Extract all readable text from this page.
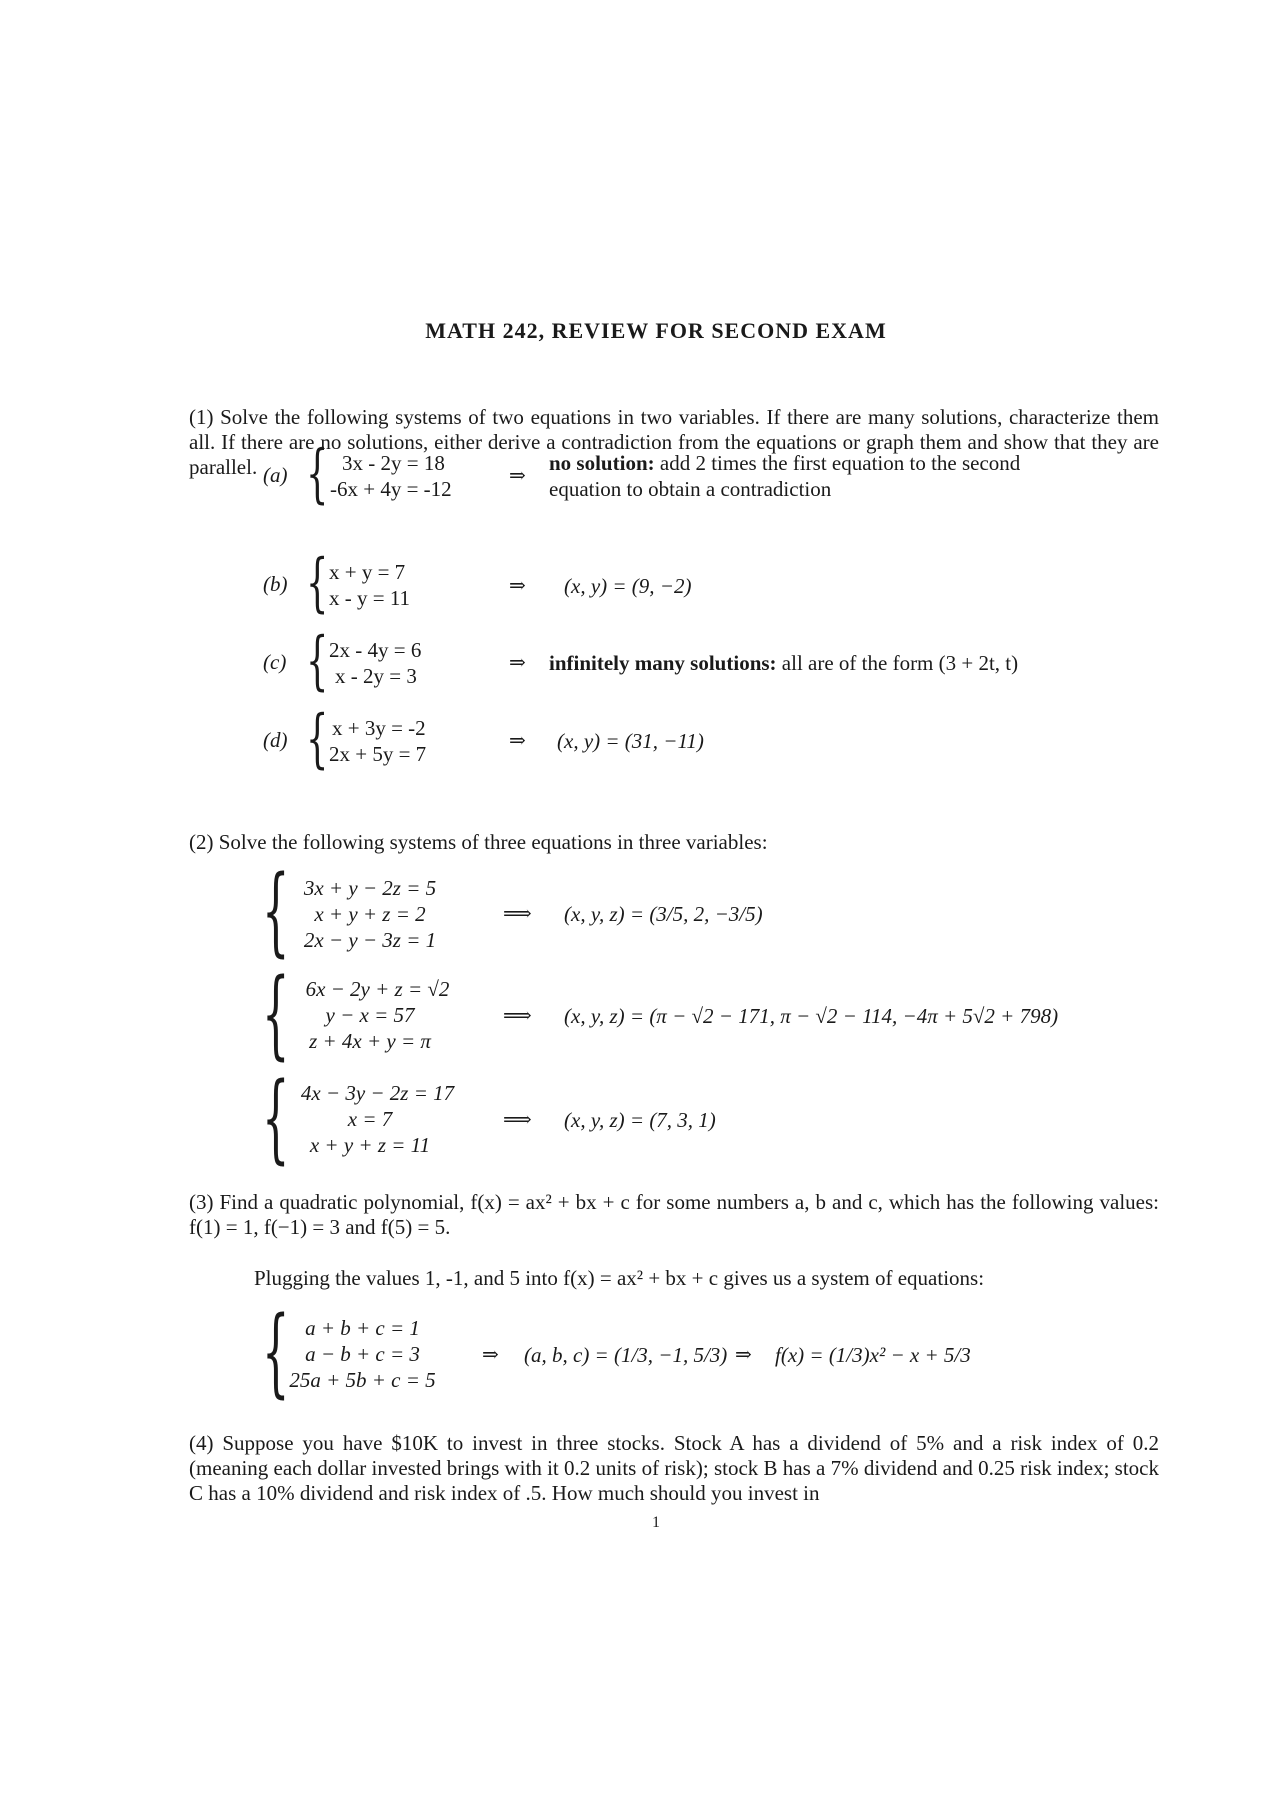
MATH 242, REVIEW FOR SECOND EXAM
(1) Solve the following systems of two equations in two variables. If there are many solutions, characterize them all. If there are no solutions, either derive a contradiction from the equations or graph them and show that they are parallel. (a) { 3x - 2y = 18
-6x + 4y = -12
⇒
no solution: add 2 times the first equation to the second
equation to obtain a contradiction
(b) { x + y = 7
x - y = 11	⇒ (x, y) = (9, −2)
(c) { 2x - 4y = 6
x - 2y = 3
⇒ infinitely many solutions: all are of the form (3 + 2t, t)
(d) { x + 3y = -2
2x + 5y = 7
⇒ (x, y) = (31, −11)
(2) Solve the following systems of three equations in three variables:
{ 3x + y − 2z = 5
x + y + z = 2
2x − y − 3z = 1
⟹ (x, y, z) = (3/5, 2, −3/5)
{ 6x − 2y + z = √2
y − x = 57
z + 4x + y = π
⟹ (x, y, z) = (π − √2 − 171, π − √2 − 114, −4π + 5√2 + 798)
{ 4x − 3y − 2z = 17
x = 7
x + y + z = 11
⟹ (x, y, z) = (7, 3, 1)
(3) Find a quadratic polynomial, f(x) = ax² + bx + c for some numbers a, b and c, which has the following values: f(1) = 1, f(−1) = 3 and f(5) = 5.
Plugging the values 1, -1, and 5 into f(x) = ax² + bx + c gives us a system of equations:
{ a + b + c = 1
a − b + c = 3
25a + 5b + c = 5
⇒ (a, b, c) = (1/3, −1, 5/3) ⇒ f(x) = (1/3)x² − x + 5/3
(4) Suppose you have $10K to invest in three stocks. Stock A has a dividend of 5% and a risk index of 0.2 (meaning each dollar invested brings with it 0.2 units of risk); stock B has a 7% dividend and 0.25 risk index; stock C has a 10% dividend and risk index of .5. How much should you invest in
1
